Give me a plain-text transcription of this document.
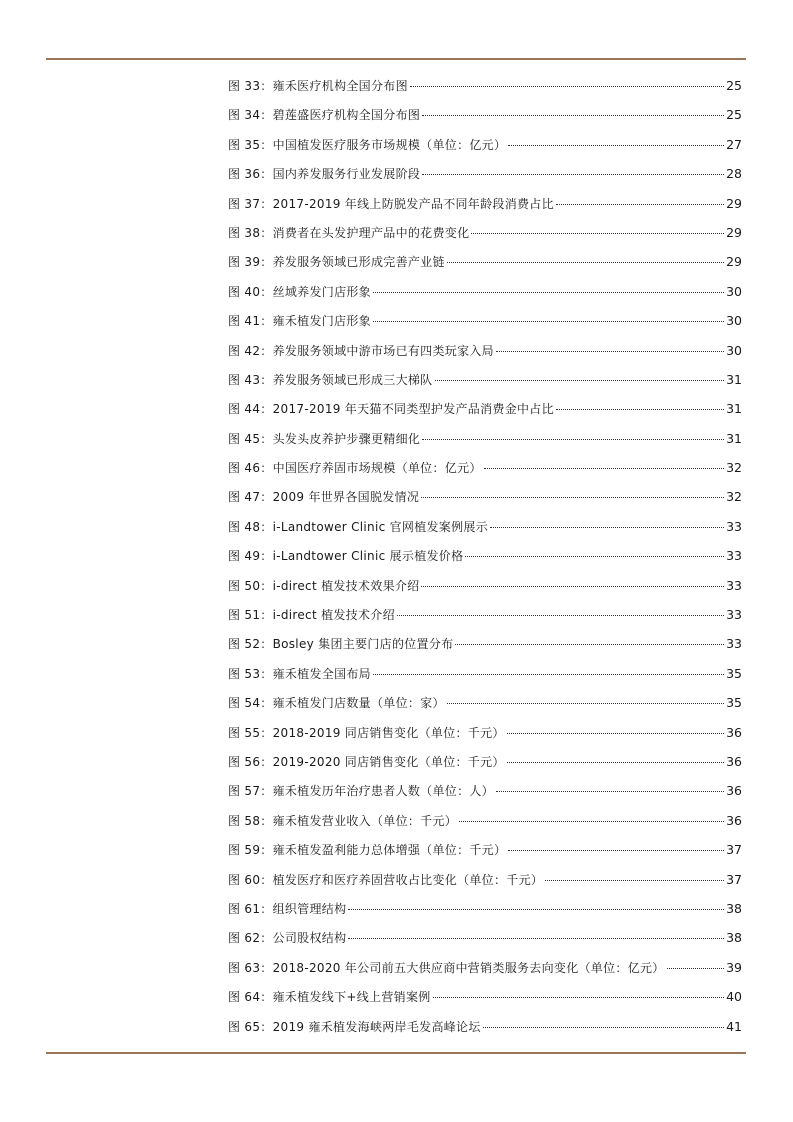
图 33：雍禾医疗机构全国分布图	25
图 34：碧莲盛医疗机构全国分布图	25
图 35：中国植发医疗服务市场规模（单位：亿元）	27
图 36：国内养发服务行业发展阶段	28
图 37：2017-2019 年线上防脱发产品不同年龄段消费占比	29
图 38：消费者在头发护理产品中的花费变化	29
图 39：养发服务领域已形成完善产业链	29
图 40：丝域养发门店形象	30
图 41：雍禾植发门店形象	30
图 42：养发服务领域中游市场已有四类玩家入局	30
图 43：养发服务领域已形成三大梯队	31
图 44：2017-2019 年天猫不同类型护发产品消费金中占比	31
图 45：头发头皮养护步骤更精细化	31
图 46：中国医疗养固市场规模（单位：亿元）	32
图 47：2009 年世界各国脱发情况	32
图 48：i-Landtower Clinic 官网植发案例展示	33
图 49：i-Landtower Clinic 展示植发价格	33
图 50：i-direct 植发技术效果介绍	33
图 51：i-direct 植发技术介绍	33
图 52：Bosley 集团主要门店的位置分布	33
图 53：雍禾植发全国布局	35
图 54：雍禾植发门店数量（单位：家）	35
图 55：2018-2019 同店销售变化（单位：千元）	36
图 56：2019-2020 同店销售变化（单位：千元）	36
图 57：雍禾植发历年治疗患者人数（单位：人）	36
图 58：雍禾植发营业收入（单位：千元）	36
图 59：雍禾植发盈利能力总体增强（单位：千元）	37
图 60：植发医疗和医疗养固营收占比变化（单位：千元）	37
图 61：组织管理结构	38
图 62：公司股权结构	38
图 63：2018-2020 年公司前五大供应商中营销类服务去向变化（单位：亿元）	39
图 64：雍禾植发线下+线上营销案例	40
图 65：2019 雍禾植发海峡两岸毛发高峰论坛	41
